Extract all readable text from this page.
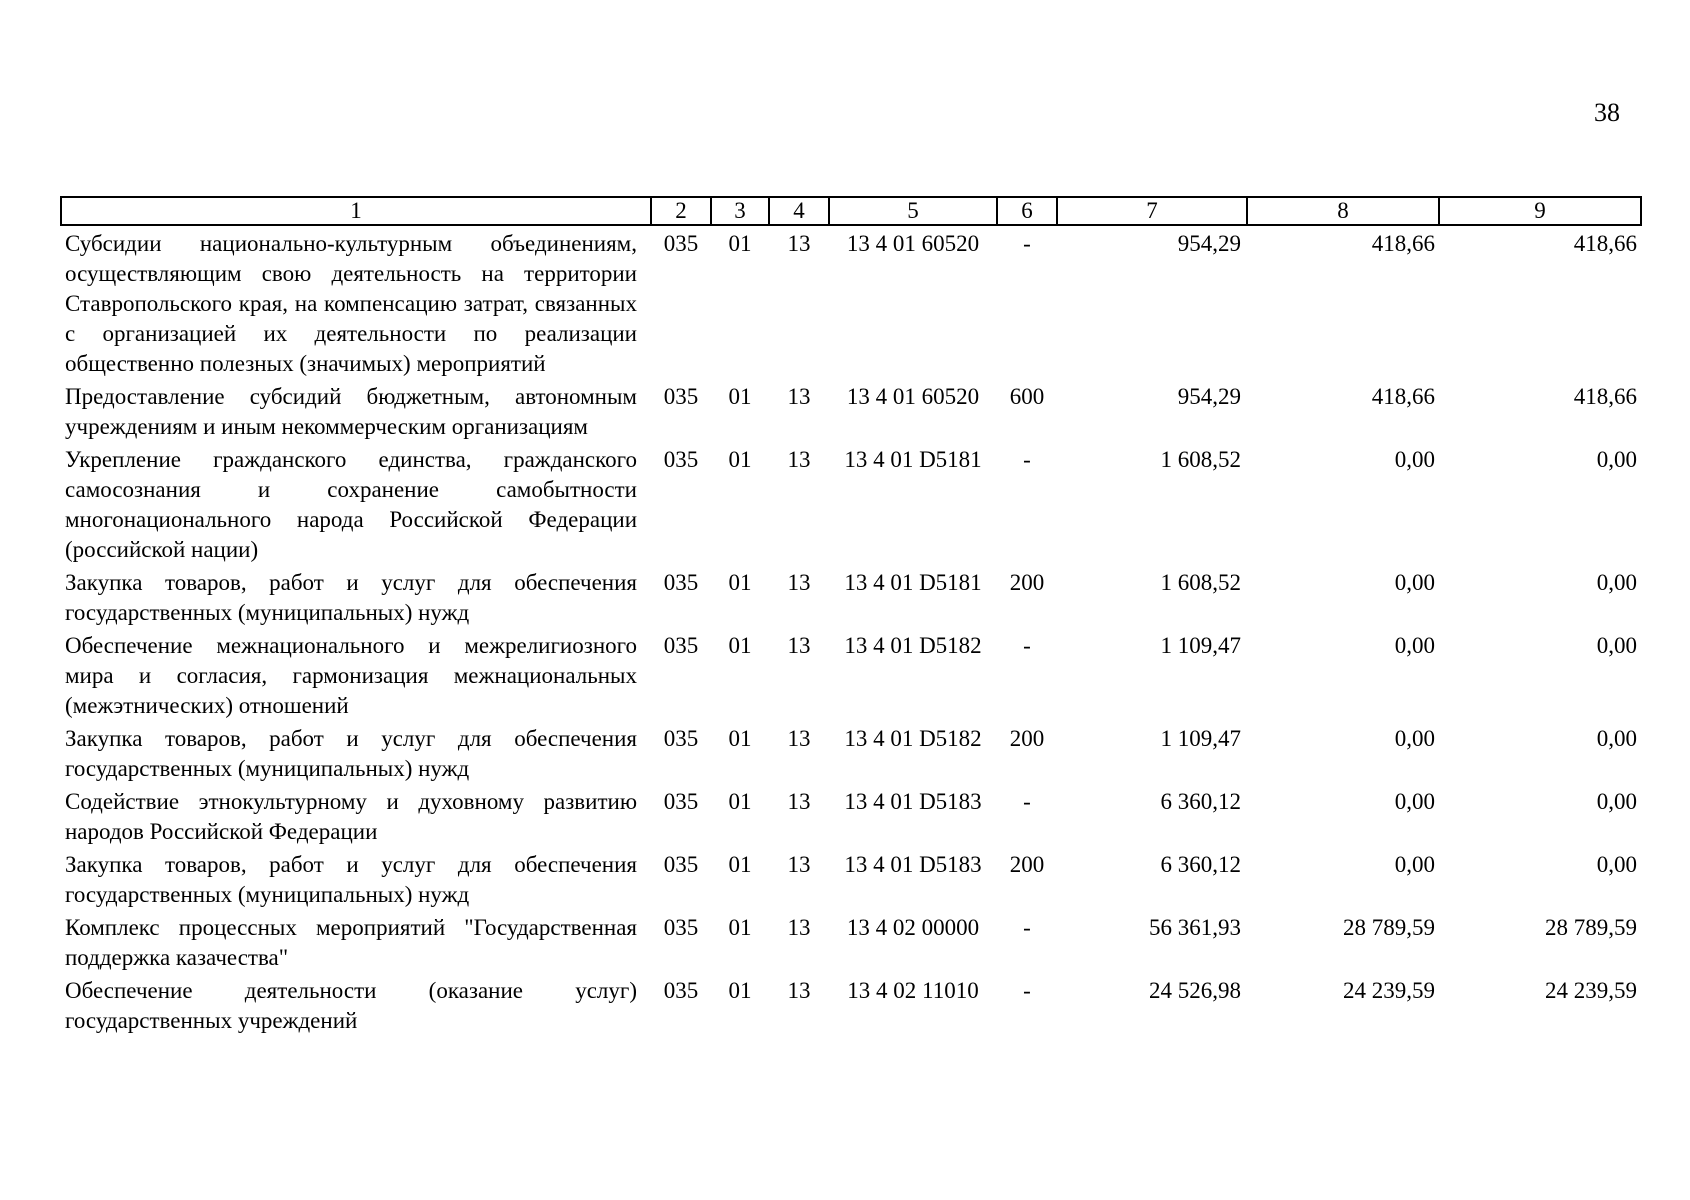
38
1	2	3	4	5	6	7	8	9
Субсидии национально-культурным объединениям, осуществляющим свою деятельность на территории Ставропольского края, на компенсацию затрат, связанных с организацией их деятельности по реализации общественно полезных (значимых) мероприятий	035	01	13	13 4 01 60520	-	954,29	418,66	418,66
Предоставление субсидий бюджетным, автономным учреждениям и иным некоммерческим организациям	035	01	13	13 4 01 60520	600	954,29	418,66	418,66
Укрепление гражданского единства, гражданского самосознания и сохранение самобытности многонационального народа Российской Федерации (российской нации)	035	01	13	13 4 01 D5181	-	1 608,52	0,00	0,00
Закупка товаров, работ и услуг для обеспечения государственных (муниципальных) нужд	035	01	13	13 4 01 D5181	200	1 608,52	0,00	0,00
Обеспечение межнационального и межрелигиозного мира и согласия, гармонизация межнациональных (межэтнических) отношений	035	01	13	13 4 01 D5182	-	1 109,47	0,00	0,00
Закупка товаров, работ и услуг для обеспечения государственных (муниципальных) нужд	035	01	13	13 4 01 D5182	200	1 109,47	0,00	0,00
Содействие этнокультурному и духовному развитию народов Российской Федерации	035	01	13	13 4 01 D5183	-	6 360,12	0,00	0,00
Закупка товаров, работ и услуг для обеспечения государственных (муниципальных) нужд	035	01	13	13 4 01 D5183	200	6 360,12	0,00	0,00
Комплекс процессных мероприятий "Государственная поддержка казачества"	035	01	13	13 4 02 00000	-	56 361,93	28 789,59	28 789,59
Обеспечение деятельности (оказание услуг) государственных учреждений	035	01	13	13 4 02 11010	-	24 526,98	24 239,59	24 239,59
